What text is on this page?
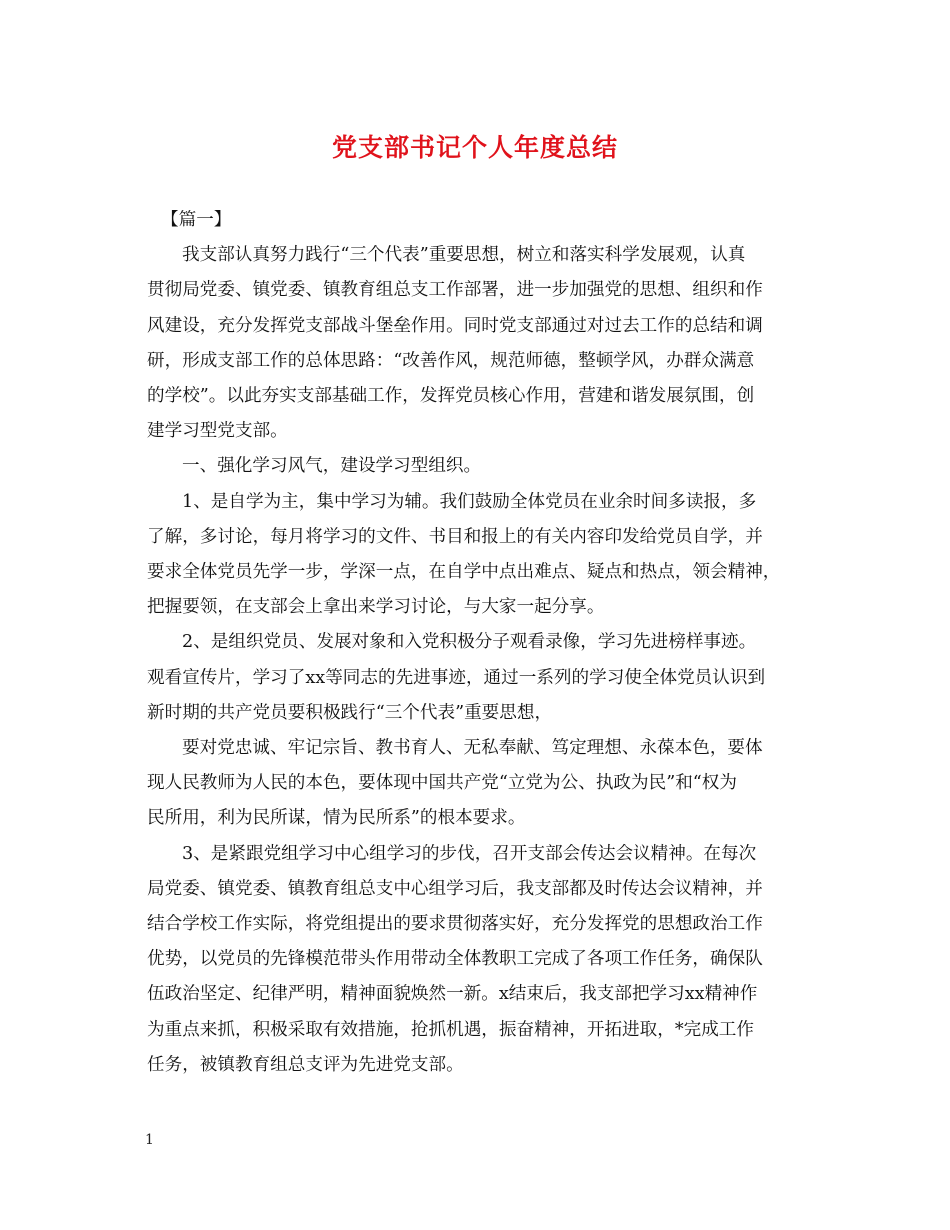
党支部书记个人年度总结
【篇一】
我支部认真努力践行“三个代表”重要思想，树立和落实科学发展观，认真
贯彻局党委、镇党委、镇教育组总支工作部署，进一步加强党的思想、组织和作
风建设，充分发挥党支部战斗堡垒作用。同时党支部通过对过去工作的总结和调
研，形成支部工作的总体思路：“改善作风，规范师德，整顿学风，办群众满意
的学校”。以此夯实支部基础工作，发挥党员核心作用，营建和谐发展氛围，创
建学习型党支部。
一、强化学习风气，建设学习型组织。
1、是自学为主，集中学习为辅。我们鼓励全体党员在业余时间多读报，多
了解，多讨论，每月将学习的文件、书目和报上的有关内容印发给党员自学，并
要求全体党员先学一步，学深一点，在自学中点出难点、疑点和热点，领会精神，
把握要领，在支部会上拿出来学习讨论，与大家一起分享。
2、是组织党员、发展对象和入党积极分子观看录像，学习先进榜样事迹。
观看宣传片，学习了xx等同志的先进事迹，通过一系列的学习使全体党员认识到
新时期的共产党员要积极践行“三个代表”重要思想，
要对党忠诚、牢记宗旨、教书育人、无私奉献、笃定理想、永葆本色，要体
现人民教师为人民的本色，要体现中国共产党“立党为公、执政为民”和“权为
民所用，利为民所谋，情为民所系”的根本要求。
3、是紧跟党组学习中心组学习的步伐，召开支部会传达会议精神。在每次
局党委、镇党委、镇教育组总支中心组学习后，我支部都及时传达会议精神，并
结合学校工作实际，将党组提出的要求贯彻落实好，充分发挥党的思想政治工作
优势，以党员的先锋模范带头作用带动全体教职工完成了各项工作任务，确保队
伍政治坚定、纪律严明，精神面貌焕然一新。x结束后，我支部把学习xx精神作
为重点来抓，积极采取有效措施，抢抓机遇，振奋精神，开拓进取，*完成工作
任务，被镇教育组总支评为先进党支部。
1
